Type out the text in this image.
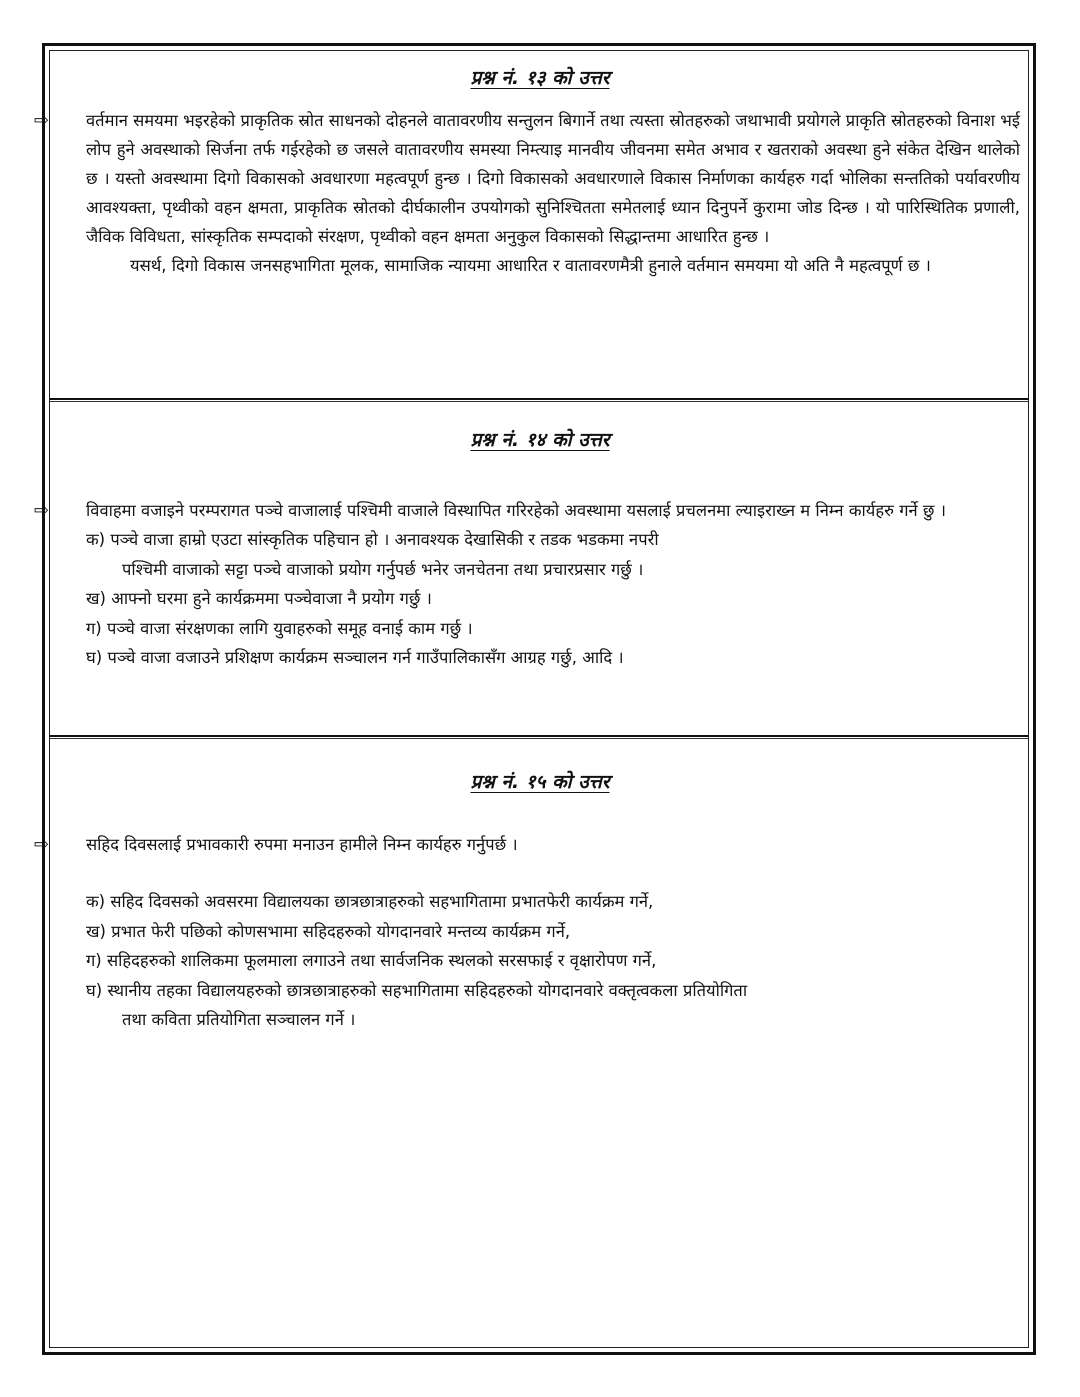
प्रश्न नं. १३ को उत्तर

⇨ वर्तमान समयमा भइरहेको प्राकृतिक स्रोत साधनको दोहनले वातावरणीय सन्तुलन बिगार्ने तथा त्यस्ता स्रोतहरुको जथाभावी प्रयोगले प्राकृति स्रोतहरुको विनाश भई लोप हुने अवस्थाको सिर्जना तर्फ गईरहेको छ जसले वातावरणीय समस्या निम्त्याइ मानवीय जीवनमा समेत अभाव र खतराको अवस्था हुने संकेत देखिन थालेको छ । यस्तो अवस्थामा दिगो विकासको अवधारणा महत्वपूर्ण हुन्छ । दिगो विकासको अवधारणाले विकास निर्माणका कार्यहरु गर्दा भोलिका सन्ततिको पर्यावरणीय आवश्यक्ता, पृथ्वीको वहन क्षमता, प्राकृतिक स्रोतको दीर्घकालीन उपयोगको सुनिश्चितता समेतलाई ध्यान दिनुपर्ने कुरामा जोड दिन्छ । यो पारिस्थितिक प्रणाली, जैविक विविधता, सांस्कृतिक सम्पदाको संरक्षण, पृथ्वीको वहन क्षमता अनुकुल विकासको सिद्धान्तमा आधारित हुन्छ ।

यसर्थ, दिगो विकास जनसहभागिता मूलक, सामाजिक न्यायमा आधारित र वातावरणमैत्री हुनाले वर्तमान समयमा यो अति नै महत्वपूर्ण छ ।

प्रश्न नं. १४ को उत्तर

⇨ विवाहमा वजाइने परम्परागत पञ्चे वाजालाई पश्चिमी वाजाले विस्थापित गरिरहेको अवस्थामा यसलाई प्रचलनमा ल्याइराख्न म निम्न कार्यहरु गर्ने छु ।

क) पञ्चे वाजा हाम्रो एउटा सांस्कृतिक पहिचान हो । अनावश्यक देखासिकी र तडक भडकमा नपरी

पश्चिमी वाजाको सट्टा पञ्चे वाजाको प्रयोग गर्नुपर्छ भनेर जनचेतना तथा प्रचारप्रसार गर्छु ।

ख) आफ्नो घरमा हुने कार्यक्रममा पञ्चेवाजा नै प्रयोग गर्छु ।

ग) पञ्चे वाजा संरक्षणका लागि युवाहरुको समूह वनाई काम गर्छु ।

घ) पञ्चे वाजा वजाउने प्रशिक्षण कार्यक्रम सञ्चालन गर्न गाउँपालिकासँग आग्रह गर्छु, आदि ।

प्रश्न नं. १५ को उत्तर

⇨ सहिद दिवसलाई प्रभावकारी रुपमा मनाउन हामीले निम्न कार्यहरु गर्नुपर्छ ।

क) सहिद दिवसको अवसरमा विद्यालयका छात्रछात्राहरुको सहभागितामा प्रभातफेरी कार्यक्रम गर्ने,

ख) प्रभात फेरी पछिको कोणसभामा सहिदहरुको योगदानवारे मन्तव्य कार्यक्रम गर्ने,

ग) सहिदहरुको शालिकमा फूलमाला लगाउने तथा सार्वजनिक स्थलको सरसफाई र वृक्षारोपण गर्ने,

घ) स्थानीय तहका विद्यालयहरुको छात्रछात्राहरुको सहभागितामा सहिदहरुको योगदानवारे वक्तृत्वकला प्रतियोगिता

तथा कविता प्रतियोगिता सञ्चालन गर्ने ।
